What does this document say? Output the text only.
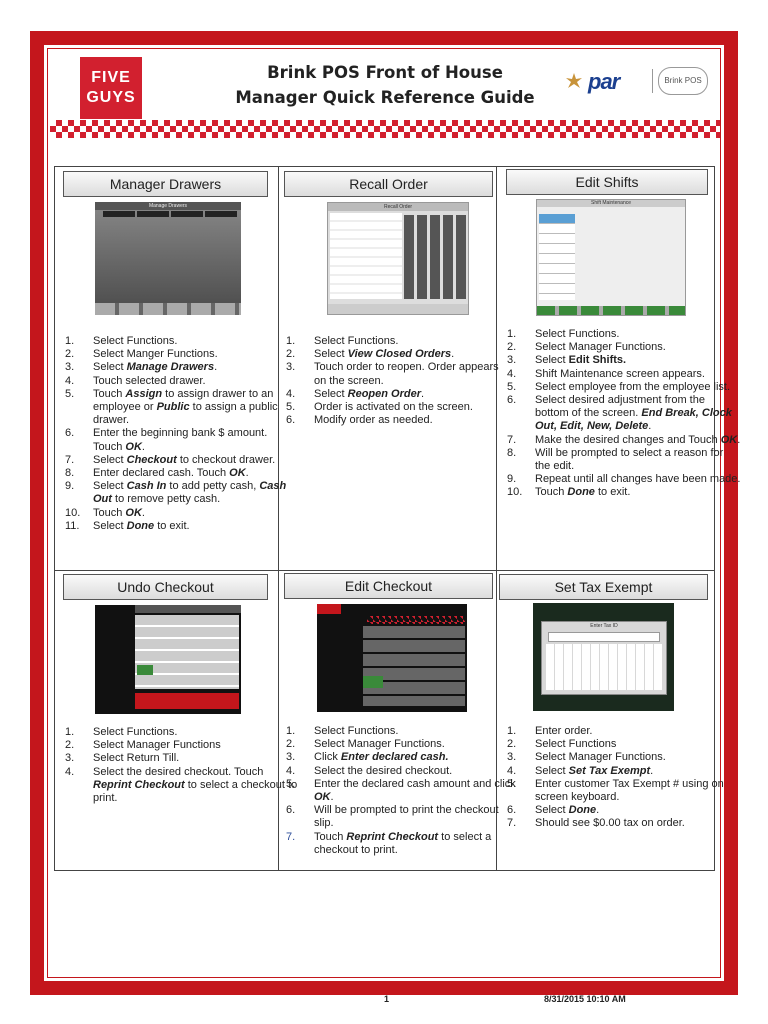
FIVE
GUYS
Brink POS Front of House
Manager Quick Reference Guide
par	Brink POS
Manager Drawers
Manage Drawers
Select Functions.
Select Manger Functions.
Select Manage Drawers.
Touch selected drawer.
Touch Assign to assign drawer to an employee or Public to assign a public drawer.
Enter the beginning bank $ amount. Touch OK.
Select Checkout to checkout drawer.
Enter declared cash. Touch OK.
Select Cash In to add petty cash, Cash Out to remove petty cash.
Touch OK.
Select Done to exit.
Recall Order
Recall Order
Select Functions.
Select View Closed Orders.
Touch order to reopen. Order appears on the screen.
Select Reopen Order.
Order is activated on the screen.
Modify order as needed.
Edit Shifts
Shift Maintenance
Select Functions.
Select Manager Functions.
Select Edit Shifts.
Shift Maintenance screen appears.
Select employee from the employee list.
Select desired adjustment from the bottom of the screen. End Break, Clock Out, Edit, New, Delete.
Make the desired changes and Touch OK.
Will be prompted to select a reason for the edit.
Repeat until all changes have been made.
Touch Done to exit.
Undo Checkout
Select Functions.
Select Manager Functions
Select Return Till.
Select the desired checkout. Touch Reprint Checkout to select a checkout to print.
Edit Checkout
Select Functions.
Select Manager Functions.
Click Enter declared cash.
Select the desired checkout.
Enter the declared cash amount and click OK.
Will be prompted to print the checkout slip.
Touch Reprint Checkout to select a checkout to print.
Set Tax Exempt
Enter Tax ID
Enter order.
Select Functions
Select Manager Functions.
Select Set Tax Exempt.
Enter customer Tax Exempt # using on screen keyboard.
Select Done.
Should see $0.00 tax on order.
1	8/31/2015 10:10 AM
